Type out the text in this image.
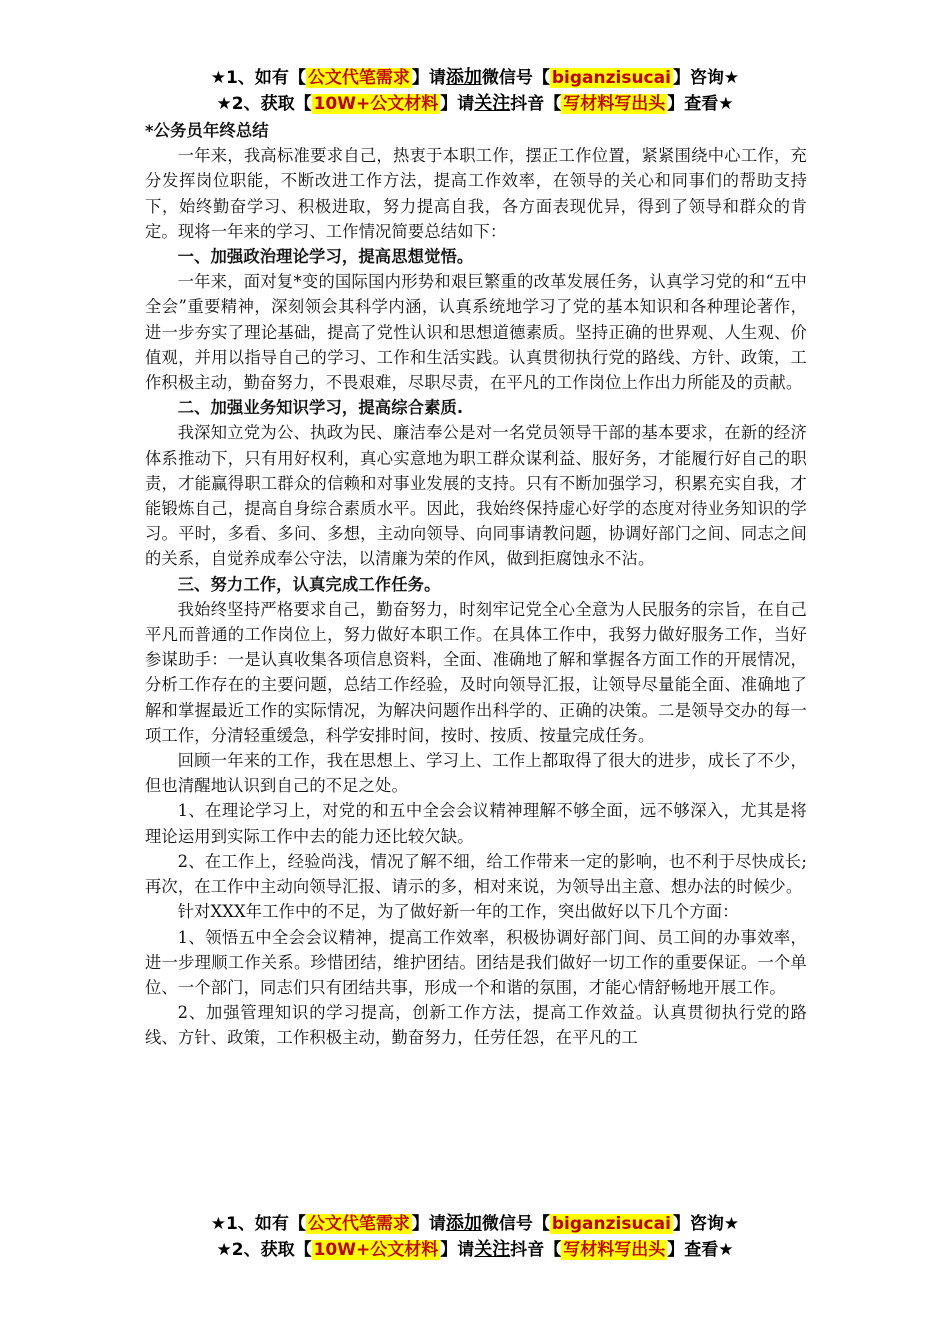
★1、如有【 公文代笔需求 】请添加微信号【 biganzisucai 】咨询★
★2、获取【 10W+公文材料 】请关注抖音【 写材料写出头 】查看★

*公务员年终总结

一年来，我高标准要求自己，热衷于本职工作，摆正工作位置，紧紧围绕中心工作，充分发挥岗位职能，不断改进工作方法，提高工作效率，在领导的关心和同事们的帮助支持下，始终勤奋学习、积极进取，努力提高自我，各方面表现优异，得到了领导和群众的肯定。现将一年来的学习、工作情况简要总结如下：

一、加强政治理论学习，提高思想觉悟。

一年来，面对复*变的国际国内形势和艰巨繁重的改革发展任务，认真学习党的和“五中全会”重要精神，深刻领会其科学内涵，认真系统地学习了党的基本知识和各种理论著作，进一步夯实了理论基础，提高了党性认识和思想道德素质。坚持正确的世界观、人生观、价值观，并用以指导自己的学习、工作和生活实践。认真贯彻执行党的路线、方针、政策，工作积极主动，勤奋努力，不畏艰难，尽职尽责，在平凡的工作岗位上作出力所能及的贡献。

二、加强业务知识学习，提高综合素质.

我深知立党为公、执政为民、廉洁奉公是对一名党员领导干部的基本要求，在新的经济体系推动下，只有用好权利，真心实意地为职工群众谋利益、服好务，才能履行好自己的职责，才能赢得职工群众的信赖和对事业发展的支持。只有不断加强学习，积累充实自我，才能锻炼自己，提高自身综合素质水平。因此，我始终保持虚心好学的态度对待业务知识的学习。平时，多看、多问、多想，主动向领导、向同事请教问题，协调好部门之间、同志之间的关系，自觉养成奉公守法，以清廉为荣的作风，做到拒腐蚀永不沾。

三、努力工作，认真完成工作任务。

我始终坚持严格要求自己，勤奋努力，时刻牢记党全心全意为人民服务的宗旨，在自己平凡而普通的工作岗位上，努力做好本职工作。在具体工作中，我努力做好服务工作，当好参谋助手：一是认真收集各项信息资料，全面、准确地了解和掌握各方面工作的开展情况，分析工作存在的主要问题，总结工作经验，及时向领导汇报，让领导尽量能全面、准确地了解和掌握最近工作的实际情况，为解决问题作出科学的、正确的决策。二是领导交办的每一项工作，分清轻重缓急，科学安排时间，按时、按质、按量完成任务。

回顾一年来的工作，我在思想上、学习上、工作上都取得了很大的进步，成长了不少，但也清醒地认识到自己的不足之处。

1、在理论学习上，对党的和五中全会会议精神理解不够全面，远不够深入，尤其是将理论运用到实际工作中去的能力还比较欠缺。

2、在工作上，经验尚浅，情况了解不细，给工作带来一定的影响，也不利于尽快成长;再次，在工作中主动向领导汇报、请示的多，相对来说，为领导出主意、想办法的时候少。

针对XXX年工作中的不足，为了做好新一年的工作，突出做好以下几个方面：

1、领悟五中全会会议精神，提高工作效率，积极协调好部门间、员工间的办事效率，进一步理顺工作关系。珍惜团结，维护团结。团结是我们做好一切工作的重要保证。一个单位、一个部门，同志们只有团结共事，形成一个和谐的氛围，才能心情舒畅地开展工作。

2、加强管理知识的学习提高，创新工作方法，提高工作效益。认真贯彻执行党的路线、方针、政策，工作积极主动，勤奋努力，任劳任怨，在平凡的工

★1、如有【 公文代笔需求 】请添加微信号【 biganzisucai 】咨询★
★2、获取【 10W+公文材料 】请关注抖音【 写材料写出头 】查看★
